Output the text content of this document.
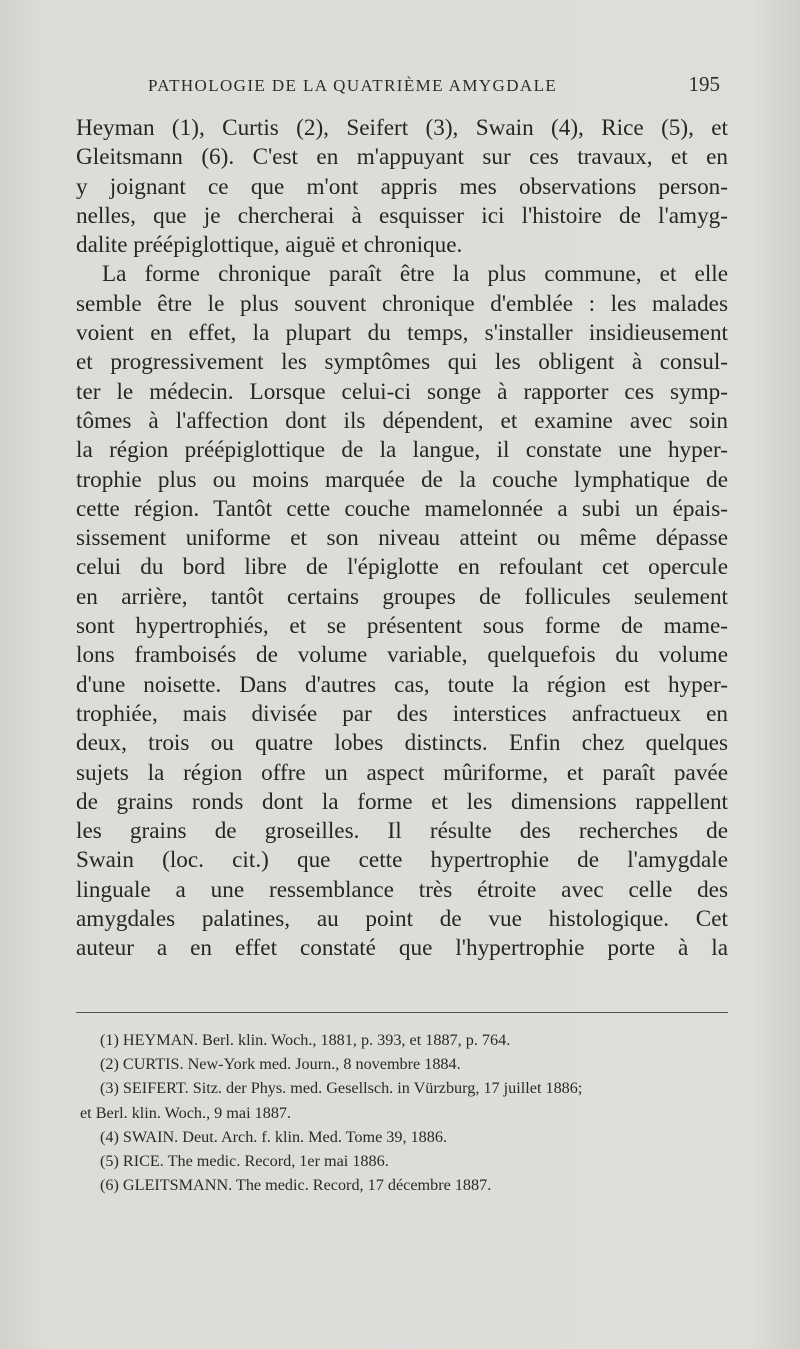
PATHOLOGIE DE LA QUATRIÈME AMYGDALE	195
Heyman (1), Curtis (2), Seifert (3), Swain (4), Rice (5), et
Gleitsmann (6). C'est en m'appuyant sur ces travaux, et en
y joignant ce que m'ont appris mes observations person-
nelles, que je chercherai à esquisser ici l'histoire de l'amyg-
dalite préépiglottique, aiguë et chronique.
La forme chronique paraît être la plus commune, et elle
semble être le plus souvent chronique d'emblée : les malades
voient en effet, la plupart du temps, s'installer insidieusement
et progressivement les symptômes qui les obligent à consul-
ter le médecin. Lorsque celui-ci songe à rapporter ces symp-
tômes à l'affection dont ils dépendent, et examine avec soin
la région préépiglottique de la langue, il constate une hyper-
trophie plus ou moins marquée de la couche lymphatique de
cette région. Tantôt cette couche mamelonnée a subi un épais-
sissement uniforme et son niveau atteint ou même dépasse
celui du bord libre de l'épiglotte en refoulant cet opercule
en arrière, tantôt certains groupes de follicules seulement
sont hypertrophiés, et se présentent sous forme de mame-
lons framboisés de volume variable, quelquefois du volume
d'une noisette. Dans d'autres cas, toute la région est hyper-
trophiée, mais divisée par des interstices anfractueux en
deux, trois ou quatre lobes distincts. Enfin chez quelques
sujets la région offre un aspect mûriforme, et paraît pavée
de grains ronds dont la forme et les dimensions rappellent
les grains de groseilles. Il résulte des recherches de
Swain (loc. cit.) que cette hypertrophie de l'amygdale
linguale a une ressemblance très étroite avec celle des
amygdales palatines, au point de vue histologique. Cet
auteur a en effet constaté que l'hypertrophie porte à la
(1) HEYMAN. Berl. klin. Woch., 1881, p. 393, et 1887, p. 764.
(2) CURTIS. New-York med. Journ., 8 novembre 1884.
(3) SEIFERT. Sitz. der Phys. med. Gesellsch. in Vürzburg, 17 juillet 1886;
et Berl. klin. Woch., 9 mai 1887.
(4) SWAIN. Deut. Arch. f. klin. Med. Tome 39, 1886.
(5) RICE. The medic. Record, 1er mai 1886.
(6) GLEITSMANN. The medic. Record, 17 décembre 1887.
